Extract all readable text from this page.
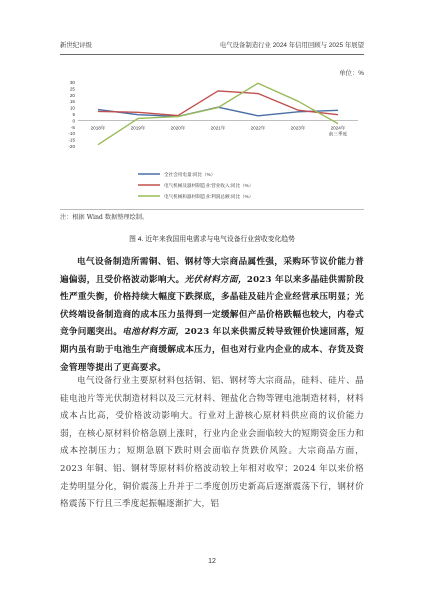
新世纪评级	电气设备制造行业 2024 年信用回顾与 2025 年展望
单位：%
30
25
20
15
10
5
0
-5
-10
-15
-20
2018年	2019年	2020年	2021年	2022年	2023年	2024年
前三季度
全社会用电量:同比（%）
电气机械及器材制造业:营业收入:同比（%）
电气机械和器材制造业:利润总额:同比（%）
注：根据 Wind 数据整理绘制。
图 4. 近年来我国用电需求与电气设备行业营收变化趋势

电气设备制造所需铜、铝、钢材等大宗商品属性强，采购环节议价能力普遍偏弱，且受价格波动影响大。光伏材料方面，2023 年以来多晶硅供需阶段性严重失衡，价格持续大幅度下跌探底，多晶硅及硅片企业经营承压明显；光伏终端设备制造商的成本压力虽得到一定缓解但产品价格跌幅也较大，内卷式竞争问题突出。电池材料方面，2023 年以来供需反转导致锂价快速回落，短期内虽有助于电池生产商缓解成本压力，但也对行业内企业的成本、存货及资金管理等提出了更高要求。

电气设备行业主要原材料包括铜、铝、钢材等大宗商品，硅料、硅片、晶硅电池片等光伏制造材料以及三元材料、锂盐化合物等锂电池制造材料，材料成本占比高，受价格波动影响大。行业对上游核心原材料供应商的议价能力弱，在核心原材料价格急剧上涨时，行业内企业会面临较大的短期资金压力和成本控制压力；短期急剧下跌时则会面临存货跌价风险。大宗商品方面，2023 年铜、铝、钢材等原材料价格波动较上年相对收窄；2024 年以来价格走势明显分化，铜价震荡上升并于二季度创历史新高后逐渐震荡下行，钢材价格震荡下行且三季度起振幅逐渐扩大，铝

12
